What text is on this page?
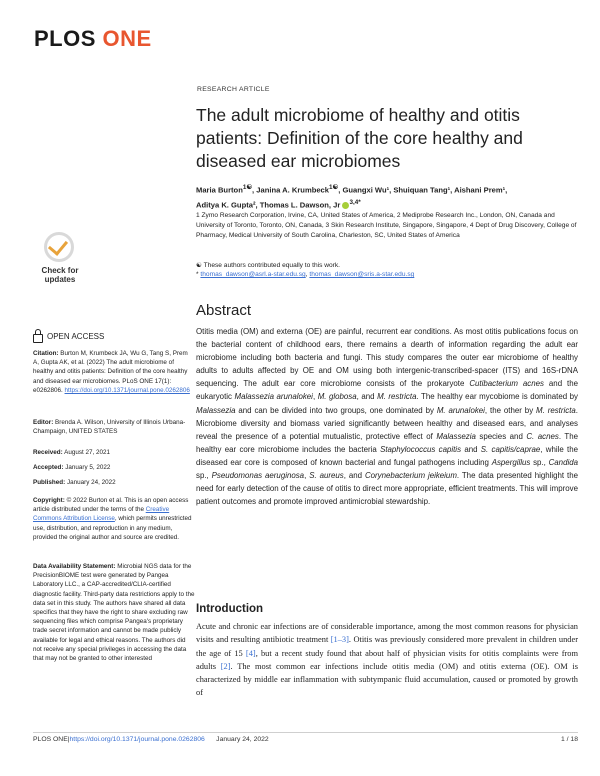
PLOS ONE
Check for
updates
OPEN ACCESS
Citation: Burton M, Krumbeck JA, Wu G, Tang S, Prem A, Gupta AK, et al. (2022) The adult microbiome of healthy and otitis patients: Definition of the core healthy and diseased ear microbiomes. PLoS ONE 17(1): e0262806. https://doi.org/10.1371/journal.pone.0262806
Editor: Brenda A. Wilson, University of Illinois Urbana-Champaign, UNITED STATES
Received: August 27, 2021
Accepted: January 5, 2022
Published: January 24, 2022
Copyright: © 2022 Burton et al. This is an open access article distributed under the terms of the Creative Commons Attribution License, which permits unrestricted use, distribution, and reproduction in any medium, provided the original author and source are credited.
Data Availability Statement: Microbial NGS data for the PrecisionBIOME test were generated by Pangea Laboratory LLC., a CAP-accredited/CLIA-certified diagnostic facility. Third-party data restrictions apply to the data set in this study. The authors have shared all data specifics that they have the right to share excluding raw sequencing files which comprise Pangea's proprietary trade secret information and cannot be made publicly available for legal and ethical reasons. The authors did not receive any special privileges in accessing the data that may not be granted to other interested
RESEARCH ARTICLE
The adult microbiome of healthy and otitis patients: Definition of the core healthy and diseased ear microbiomes
Maria Burton$^{1☯}$, Janina A. Krumbeck$^{1☯}$, Guangxi Wu¹, Shuiquan Tang¹, Aishani Prem¹,
Aditya K. Gupta², Thomas L. Dawson, Jr $^{3,4*}$
1 Zymo Research Corporation, Irvine, CA, United States of America, 2 Mediprobe Research Inc., London, ON, Canada and University of Toronto, Toronto, ON, Canada, 3 Skin Research Institute, Singapore, Singapore, 4 Dept of Drug Discovery, College of Pharmacy, Medical University of South Carolina, Charleston, SC, United States of America
☯ These authors contributed equally to this work.
* thomas_dawson@asrl.a-star.edu.sg, thomas_dawson@sris.a-star.edu.sg
Abstract
Otitis media (OM) and externa (OE) are painful, recurrent ear conditions. As most otitis publications focus on the bacterial content of childhood ears, there remains a dearth of information regarding the adult ear microbiome including both bacteria and fungi. This study compares the outer ear microbiome of healthy adults to adults affected by OE and OM using both intergenic-transcribed-spacer (ITS) and 16S-rDNA sequencing. The adult ear core microbiome consists of the prokaryote Cutibacterium acnes and the eukaryotic Malassezia arunalokei, M. globosa, and M. restricta. The healthy ear mycobiome is dominated by Malassezia and can be divided into two groups, one dominated by M. arunalokei, the other by M. restricta. Microbiome diversity and biomass varied significantly between healthy and diseased ears, and analyses reveal the presence of a potential mutualistic, protective effect of Malassezia species and C. acnes. The healthy ear core microbiome includes the bacteria Staphylococcus capitis and S. capitis/caprae, while the diseased ear core is composed of known bacterial and fungal pathogens including Aspergillus sp., Candida sp., Pseudomonas aeruginosa, S. aureus, and Corynebacterium jeikeium. The data presented highlight the need for early detection of the cause of otitis to direct more appropriate, efficient treatments. This will improve patient outcomes and promote improved antimicrobial stewardship.
Introduction
Acute and chronic ear infections are of considerable importance, among the most common reasons for physician visits and resulting antibiotic treatment [1–3]. Otitis was previously considered more prevalent in children under the age of 15 [4], but a recent study found that about half of physician visits for otitis complaints were from adults [2]. The most common ear infections include otitis media (OM) and otitis externa (OE). OM is characterized by middle ear inflammation with subtympanic fluid accumulation, caused or promoted by growth of
PLOS ONE | https://doi.org/10.1371/journal.pone.0262806
January 24, 2022	1 / 18
